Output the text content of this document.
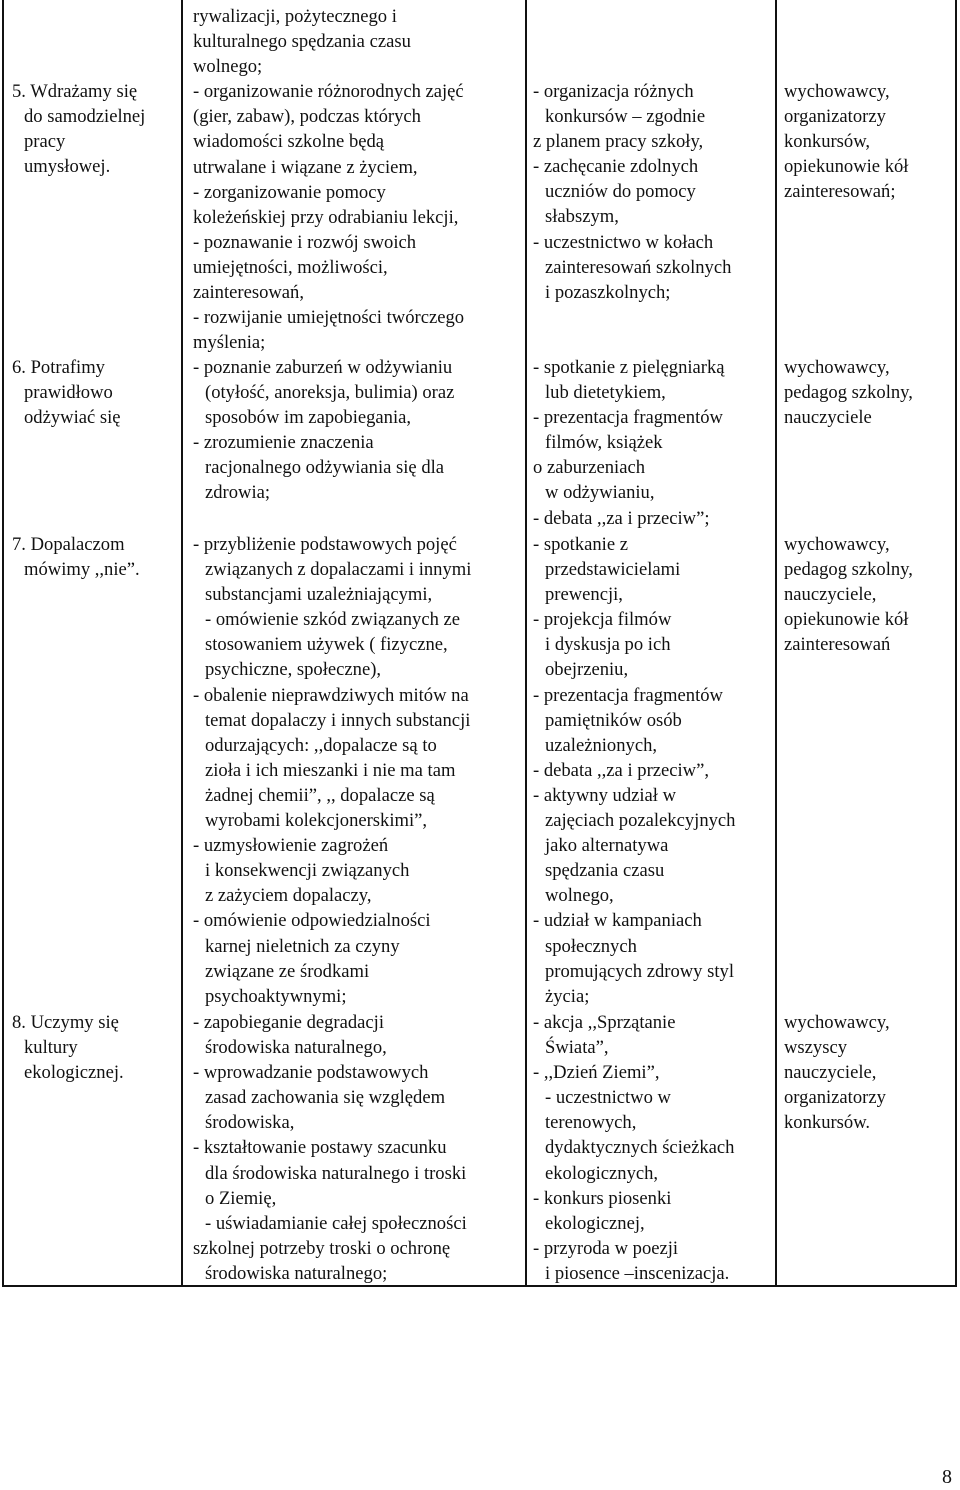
5. Wdrażamy się
do samodzielnej
pracy
umysłowej.
rywalizacji, pożytecznego i
kulturalnego spędzania czasu
wolnego;
- organizowanie różnorodnych zajęć
(gier, zabaw), podczas których
wiadomości szkolne będą
utrwalane i wiązane z życiem,
- zorganizowanie pomocy
koleżeńskiej przy odrabianiu lekcji,
- poznawanie i rozwój swoich
umiejętności, możliwości,
zainteresowań,
- rozwijanie umiejętności twórczego
myślenia;
- organizacja różnych
konkursów – zgodnie
z planem pracy szkoły,
- zachęcanie zdolnych
uczniów do pomocy
słabszym,
- uczestnictwo w kołach
zainteresowań szkolnych
i pozaszkolnych;
wychowawcy,
organizatorzy
konkursów,
opiekunowie kół
zainteresowań;
6. Potrafimy
prawidłowo
odżywiać się
- poznanie zaburzeń w odżywianiu
(otyłość, anoreksja, bulimia) oraz
sposobów im zapobiegania,
- zrozumienie znaczenia
racjonalnego odżywiania się dla
zdrowia;
- spotkanie z pielęgniarką
lub dietetykiem,
- prezentacja fragmentów
filmów, książek
o zaburzeniach
w odżywianiu,
- debata ,,za i przeciw”;
wychowawcy,
pedagog szkolny,
nauczyciele
7. Dopalaczom
mówimy ,,nie”.
- przybliżenie podstawowych pojęć
związanych z dopalaczami i innymi
substancjami uzależniającymi,
- omówienie szkód związanych ze
stosowaniem używek ( fizyczne,
psychiczne, społeczne),
- obalenie nieprawdziwych mitów na
temat dopalaczy i innych substancji
odurzających: ,,dopalacze są to
zioła i ich mieszanki i nie ma tam
żadnej chemii”, ,, dopalacze są
wyrobami kolekcjonerskimi”,
- uzmysłowienie zagrożeń
i konsekwencji związanych
z zażyciem dopalaczy,
- omówienie odpowiedzialności
karnej nieletnich za czyny
związane ze środkami
psychoaktywnymi;
- spotkanie z
przedstawicielami
prewencji,
- projekcja filmów
i dyskusja po ich
obejrzeniu,
- prezentacja fragmentów
pamiętników osób
uzależnionych,
- debata ,,za i przeciw”,
- aktywny udział w
zajęciach pozalekcyjnych
jako alternatywa
spędzania czasu
wolnego,
- udział w kampaniach
społecznych
promujących zdrowy styl
życia;
wychowawcy,
pedagog szkolny,
nauczyciele,
opiekunowie kół
zainteresowań
8. Uczymy się
kultury
ekologicznej.
- zapobieganie degradacji
środowiska naturalnego,
- wprowadzanie podstawowych
zasad zachowania się względem
środowiska,
- kształtowanie postawy szacunku
dla środowiska naturalnego i troski
o Ziemię,
- uświadamianie całej społeczności
szkolnej potrzeby troski o ochronę
środowiska naturalnego;
- akcja ,,Sprzątanie
Świata”,
- ,,Dzień Ziemi”,
- uczestnictwo w
terenowych,
dydaktycznych ścieżkach
ekologicznych,
- konkurs piosenki
ekologicznej,
- przyroda w poezji
i piosence –inscenizacja.
wychowawcy,
wszyscy
nauczyciele,
organizatorzy
konkursów.
8
